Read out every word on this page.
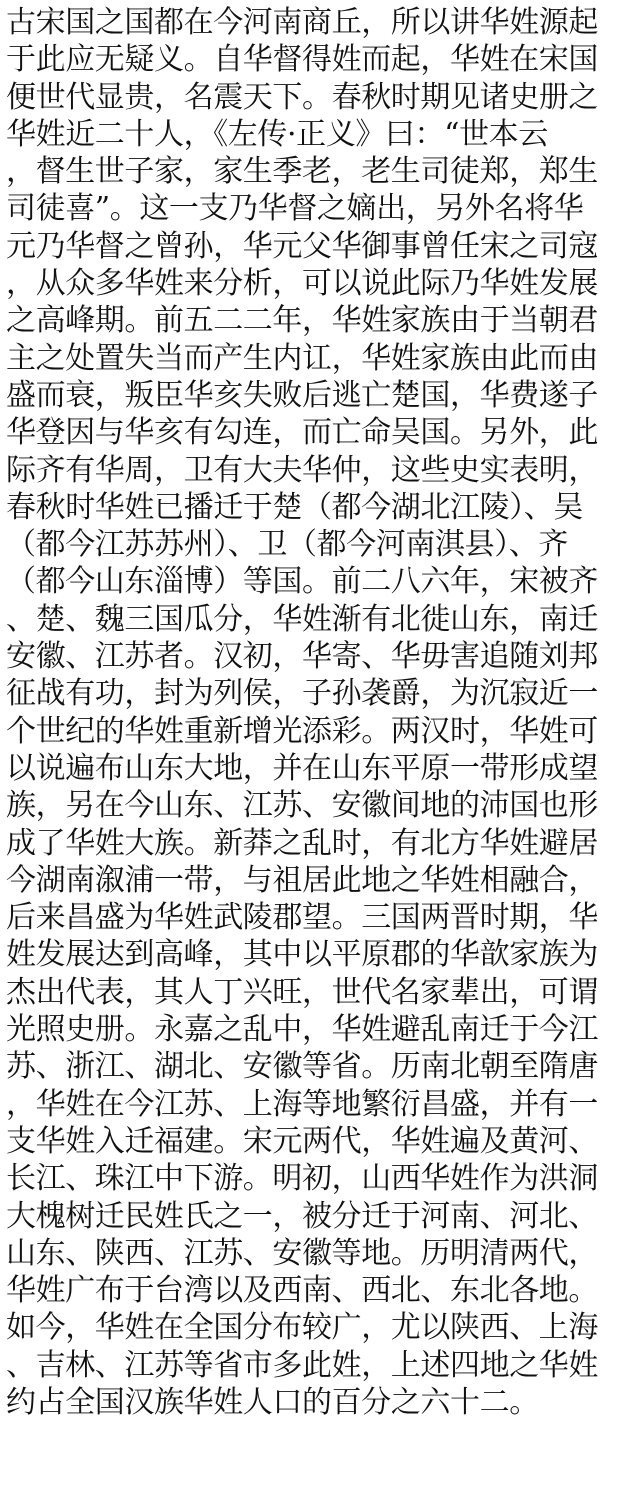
古宋国之国都在今河南商丘，所以讲华姓源起
于此应无疑义。自华督得姓而起，华姓在宋国
便世代显贵，名震天下。春秋时期见诸史册之
华姓近二十人，《左传·正义》曰：“世本云
，督生世子家，家生季老，老生司徒郑，郑生
司徒喜”。这一支乃华督之嫡出，另外名将华
元乃华督之曾孙，华元父华御事曾任宋之司寇
，从众多华姓来分析，可以说此际乃华姓发展
之高峰期。前五二二年，华姓家族由于当朝君
主之处置失当而产生内讧，华姓家族由此而由
盛而衰，叛臣华亥失败后逃亡楚国，华费遂子
华登因与华亥有勾连，而亡命吴国。另外，此
际齐有华周，卫有大夫华仲，这些史实表明，
春秋时华姓已播迁于楚（都今湖北江陵）、吴
（都今江苏苏州）、卫（都今河南淇县）、齐
（都今山东淄博）等国。前二八六年，宋被齐
、楚、魏三国瓜分，华姓渐有北徙山东，南迁
安徽、江苏者。汉初，华寄、华毋害追随刘邦
征战有功，封为列侯，子孙袭爵，为沉寂近一
个世纪的华姓重新增光添彩。两汉时，华姓可
以说遍布山东大地，并在山东平原一带形成望
族，另在今山东、江苏、安徽间地的沛国也形
成了华姓大族。新莽之乱时，有北方华姓避居
今湖南溆浦一带，与祖居此地之华姓相融合，
后来昌盛为华姓武陵郡望。三国两晋时期，华
姓发展达到高峰，其中以平原郡的华歆家族为
杰出代表，其人丁兴旺，世代名家辈出，可谓
光照史册。永嘉之乱中，华姓避乱南迁于今江
苏、浙江、湖北、安徽等省。历南北朝至隋唐
，华姓在今江苏、上海等地繁衍昌盛，并有一
支华姓入迁福建。宋元两代，华姓遍及黄河、
长江、珠江中下游。明初，山西华姓作为洪洞
大槐树迁民姓氏之一，被分迁于河南、河北、
山东、陕西、江苏、安徽等地。历明清两代，
华姓广布于台湾以及西南、西北、东北各地。
如今，华姓在全国分布较广，尤以陕西、上海
、吉林、江苏等省市多此姓，上述四地之华姓
约占全国汉族华姓人口的百分之六十二。
